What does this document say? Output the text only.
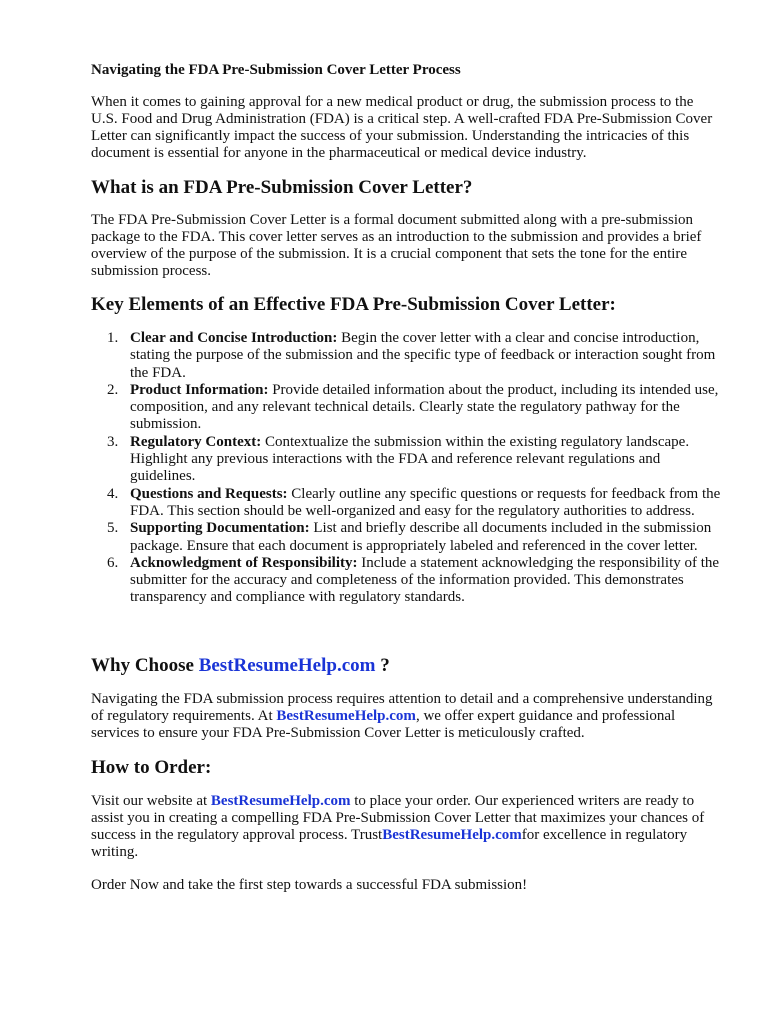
Navigating the FDA Pre-Submission Cover Letter Process

When it comes to gaining approval for a new medical product or drug, the submission process to the U.S. Food and Drug Administration (FDA) is a critical step. A well-crafted FDA Pre-Submission Cover Letter can significantly impact the success of your submission. Understanding the intricacies of this document is essential for anyone in the pharmaceutical or medical device industry.

What is an FDA Pre-Submission Cover Letter?

The FDA Pre-Submission Cover Letter is a formal document submitted along with a pre-submission package to the FDA. This cover letter serves as an introduction to the submission and provides a brief overview of the purpose of the submission. It is a crucial component that sets the tone for the entire submission process.

Key Elements of an Effective FDA Pre-Submission Cover Letter:

1. Clear and Concise Introduction: Begin the cover letter with a clear and concise introduction, stating the purpose of the submission and the specific type of feedback or interaction sought from the FDA.
2. Product Information: Provide detailed information about the product, including its intended use, composition, and any relevant technical details. Clearly state the regulatory pathway for the submission.
3. Regulatory Context: Contextualize the submission within the existing regulatory landscape. Highlight any previous interactions with the FDA and reference relevant regulations and guidelines.
4. Questions and Requests: Clearly outline any specific questions or requests for feedback from the FDA. This section should be well-organized and easy for the regulatory authorities to address.
5. Supporting Documentation: List and briefly describe all documents included in the submission package. Ensure that each document is appropriately labeled and referenced in the cover letter.
6. Acknowledgment of Responsibility: Include a statement acknowledging the responsibility of the submitter for the accuracy and completeness of the information provided. This demonstrates transparency and compliance with regulatory standards.

Why Choose BestResumeHelp.com ?

Navigating the FDA submission process requires attention to detail and a comprehensive understanding of regulatory requirements. At BestResumeHelp.com, we offer expert guidance and professional services to ensure your FDA Pre-Submission Cover Letter is meticulously crafted.

How to Order:

Visit our website at BestResumeHelp.com to place your order. Our experienced writers are ready to assist you in creating a compelling FDA Pre-Submission Cover Letter that maximizes your chances of success in the regulatory approval process. TrustBestResumeHelp.comfor excellence in regulatory writing.

Order Now and take the first step towards a successful FDA submission!
